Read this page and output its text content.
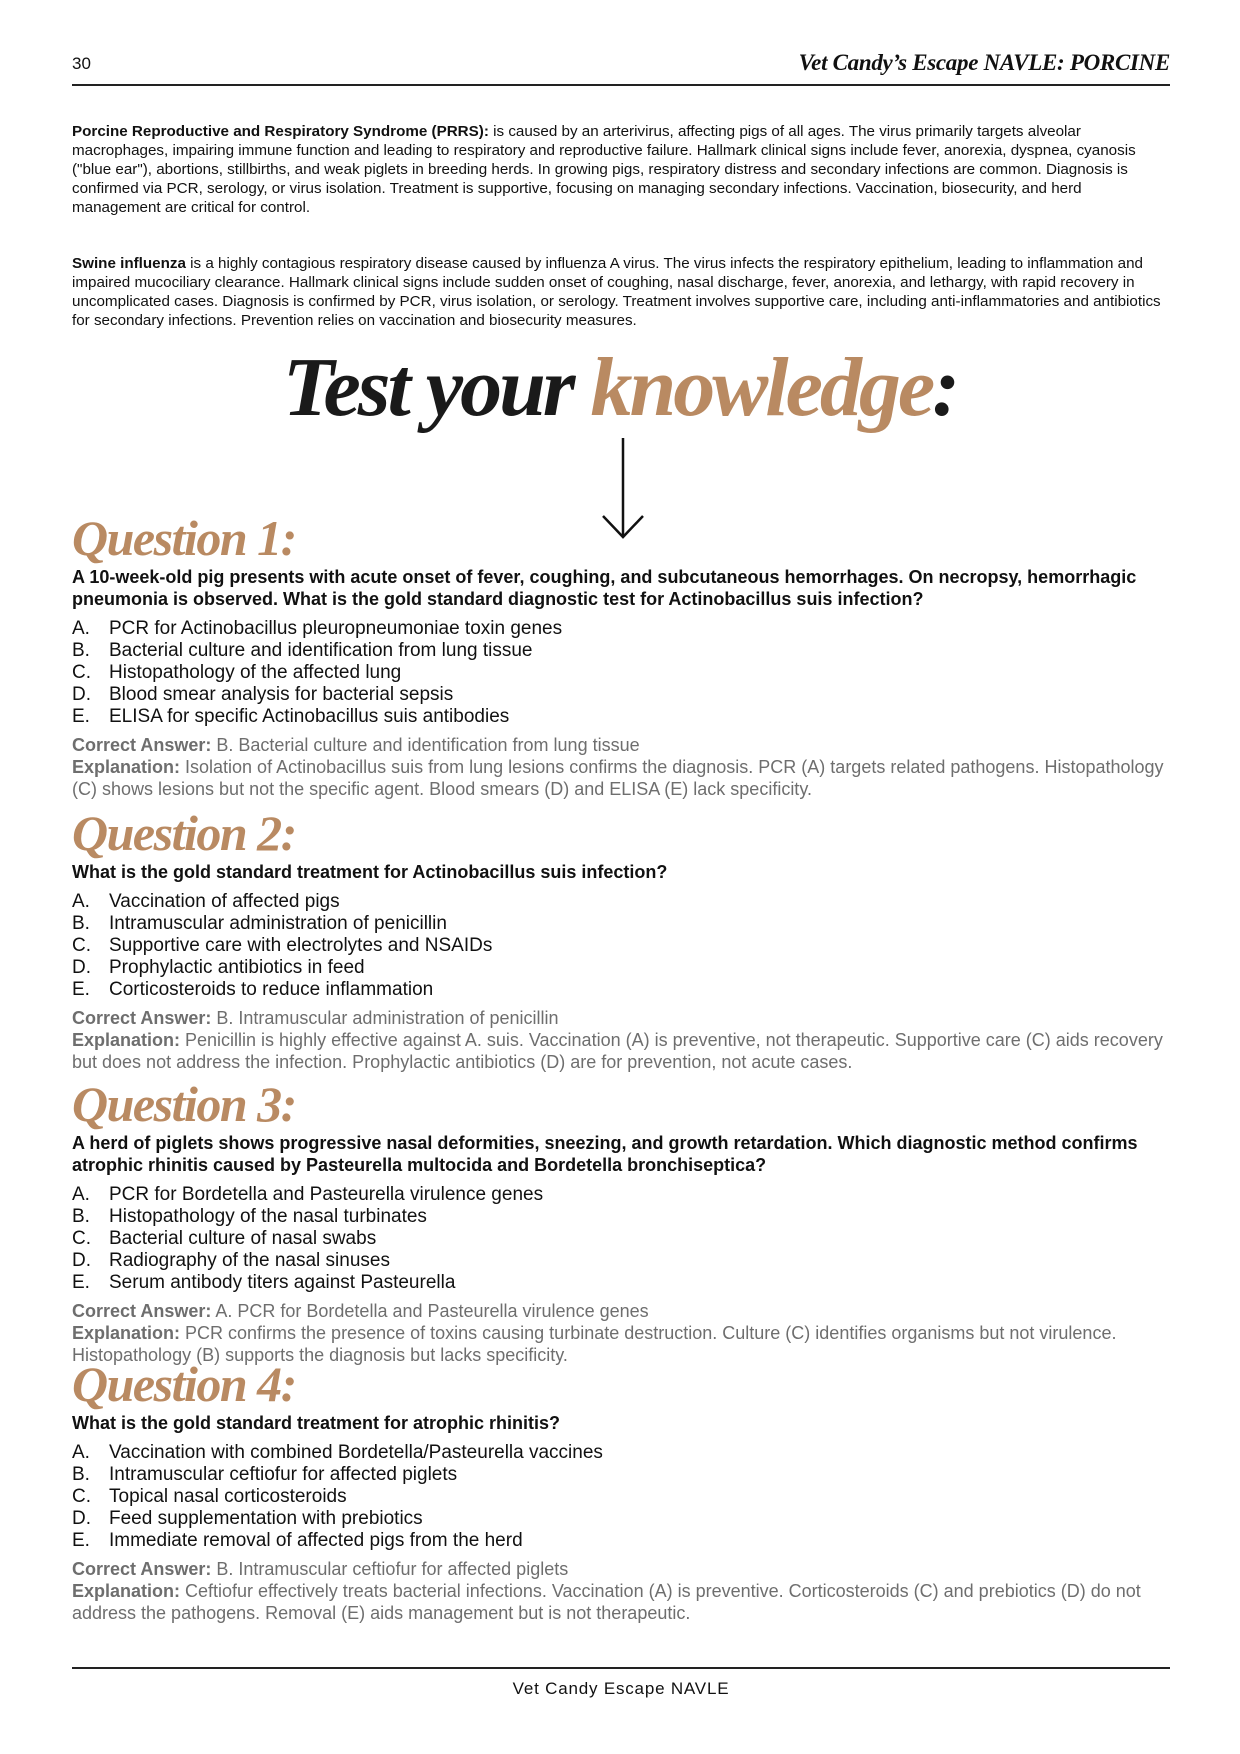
30	Vet Candy’s Escape NAVLE: PORCINE

Porcine Reproductive and Respiratory Syndrome (PRRS): is caused by an arterivirus, affecting pigs of all ages. The virus primarily targets alveolar macrophages, impairing immune function and leading to respiratory and reproductive failure. Hallmark clinical signs include fever, anorexia, dyspnea, cyanosis ("blue ear"), abortions, stillbirths, and weak piglets in breeding herds. In growing pigs, respiratory distress and secondary infections are common. Diagnosis is confirmed via PCR, serology, or virus isolation. Treatment is supportive, focusing on managing secondary infections. Vaccination, biosecurity, and herd management are critical for control.

Swine influenza is a highly contagious respiratory disease caused by influenza A virus. The virus infects the respiratory epithelium, leading to inflammation and impaired mucociliary clearance. Hallmark clinical signs include sudden onset of coughing, nasal discharge, fever, anorexia, and lethargy, with rapid recovery in uncomplicated cases. Diagnosis is confirmed by PCR, virus isolation, or serology. Treatment involves supportive care, including anti-inflammatories and antibiotics for secondary infections. Prevention relies on vaccination and biosecurity measures.

Test your knowledge:
Question 1:

A 10-week-old pig presents with acute onset of fever, coughing, and subcutaneous hemorrhages. On necropsy, hemorrhagic pneumonia is observed. What is the gold standard diagnostic test for Actinobacillus suis infection?

A.	PCR for Actinobacillus pleuropneumoniae toxin genes
B.	Bacterial culture and identification from lung tissue
C. Histopathology of the affected lung
D. Blood smear analysis for bacterial sepsis
E.	ELISA for specific Actinobacillus suis antibodies
Correct Answer: B. Bacterial culture and identification from lung tissue
Explanation: Isolation of Actinobacillus suis from lung lesions confirms the diagnosis. PCR (A) targets related pathogens. Histopathology (C) shows lesions but not the specific agent. Blood smears (D) and ELISA (E) lack specificity.
Question 2:

What is the gold standard treatment for Actinobacillus suis infection?

A.	Vaccination of affected pigs
B.	Intramuscular administration of penicillin
C. Supportive care with electrolytes and NSAIDs
D. Prophylactic antibiotics in feed
E.	Corticosteroids to reduce inflammation
Correct Answer: B. Intramuscular administration of penicillin
Explanation: Penicillin is highly effective against A. suis. Vaccination (A) is preventive, not therapeutic. Supportive care (C) aids recovery but does not address the infection. Prophylactic antibiotics (D) are for prevention, not acute cases.
Question 3:

A herd of piglets shows progressive nasal deformities, sneezing, and growth retardation. Which diagnostic method confirms atrophic rhinitis caused by Pasteurella multocida and Bordetella bronchiseptica?

A.	PCR for Bordetella and Pasteurella virulence genes
B.	Histopathology of the nasal turbinates
C. Bacterial culture of nasal swabs
D. Radiography of the nasal sinuses
E.	Serum antibody titers against Pasteurella
Correct Answer: A. PCR for Bordetella and Pasteurella virulence genes
Explanation: PCR confirms the presence of toxins causing turbinate destruction. Culture (C) identifies organisms but not virulence. Histopathology (B) supports the diagnosis but lacks specificity.
Question 4:

What is the gold standard treatment for atrophic rhinitis?

A.	Vaccination with combined Bordetella/Pasteurella vaccines
B.	Intramuscular ceftiofur for affected piglets
C. Topical nasal corticosteroids
D. Feed supplementation with prebiotics
E.	Immediate removal of affected pigs from the herd
Correct Answer: B. Intramuscular ceftiofur for affected piglets
Explanation: Ceftiofur effectively treats bacterial infections. Vaccination (A) is preventive. Corticosteroids (C) and prebiotics (D) do not address the pathogens. Removal (E) aids management but is not therapeutic.
Vet Candy Escape NAVLE
